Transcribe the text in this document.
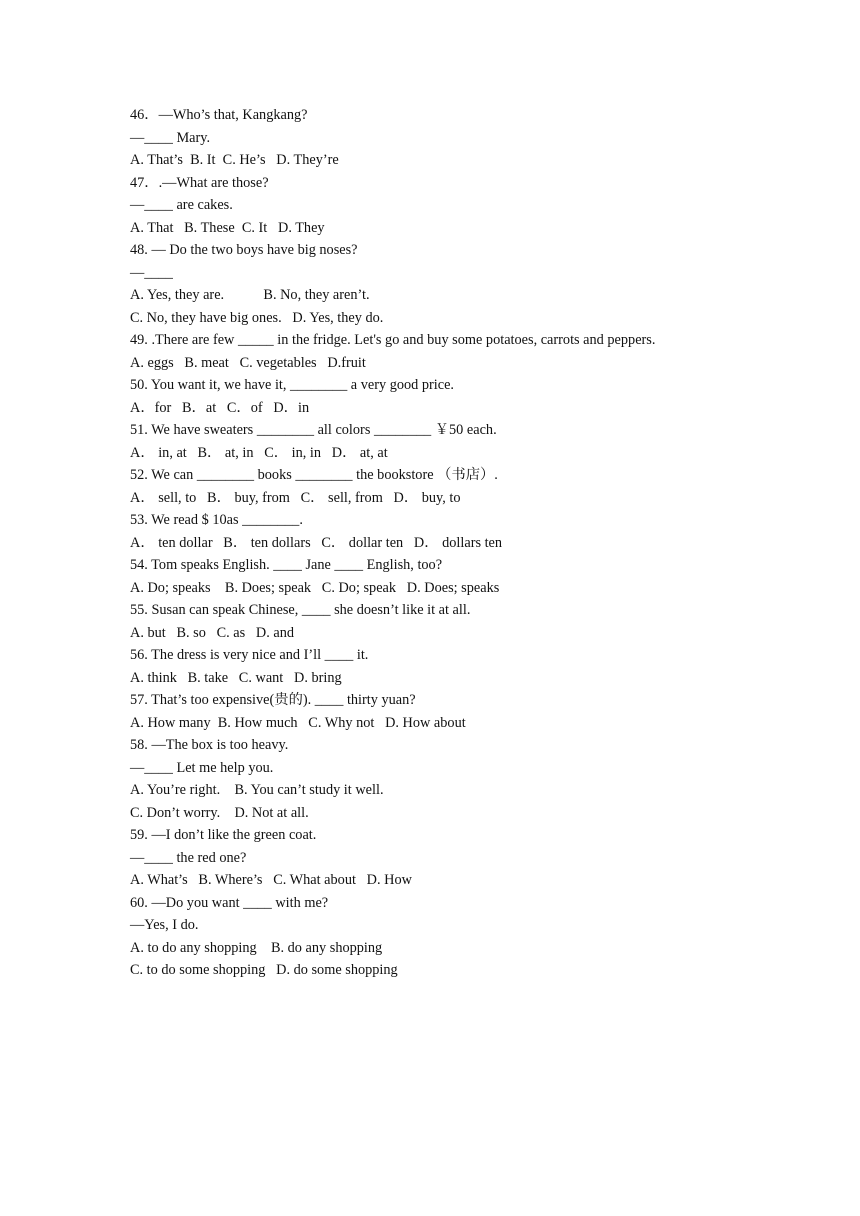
46．—Who’s that, Kangkang?

—____ Mary.

A. That’s  B. It  C. He’s   D. They’re

47．.—What are those?

—____ are cakes.

A. That   B. These  C. It   D. They

48. — Do the two boys have big noses?

—____

A. Yes, they are.           B. No, they aren’t.

C. No, they have big ones.   D. Yes, they do.

49. .There are few _____ in the fridge. Let's go and buy some potatoes, carrots and peppers.

A. eggs   B. meat   C. vegetables   D.fruit

50. You want it, we have it, ________ a very good price.

A．for   B．at   C．of   D．in

51. We have sweaters ________ all colors ________ ￥50 each.

A． in, at   B． at, in   C． in, in   D． at, at

52. We can ________ books ________ the bookstore （书店）.

A． sell, to   B． buy, from   C． sell, from   D． buy, to

53. We read $ 10as ________.

A． ten dollar   B． ten dollars   C． dollar ten   D． dollars ten

54. Tom speaks English. ____ Jane ____ English, too?

A. Do; speaks    B. Does; speak   C. Do; speak   D. Does; speaks

55. Susan can speak Chinese, ____ she doesn’t like it at all.

A. but   B. so   C. as   D. and

56. The dress is very nice and I’ll ____ it.

A. think   B. take   C. want   D. bring

57. That’s too expensive(贵的). ____ thirty yuan?

A. How many  B. How much   C. Why not   D. How about

58. —The box is too heavy.

—____ Let me help you.

A. You’re right.    B. You can’t study it well.

C. Don’t worry.    D. Not at all.

59. —I don’t like the green coat.

—____ the red one?

A. What’s   B. Where’s   C. What about   D. How

60. —Do you want ____ with me?

—Yes, I do.

A. to do any shopping    B. do any shopping

C. to do some shopping   D. do some shopping
